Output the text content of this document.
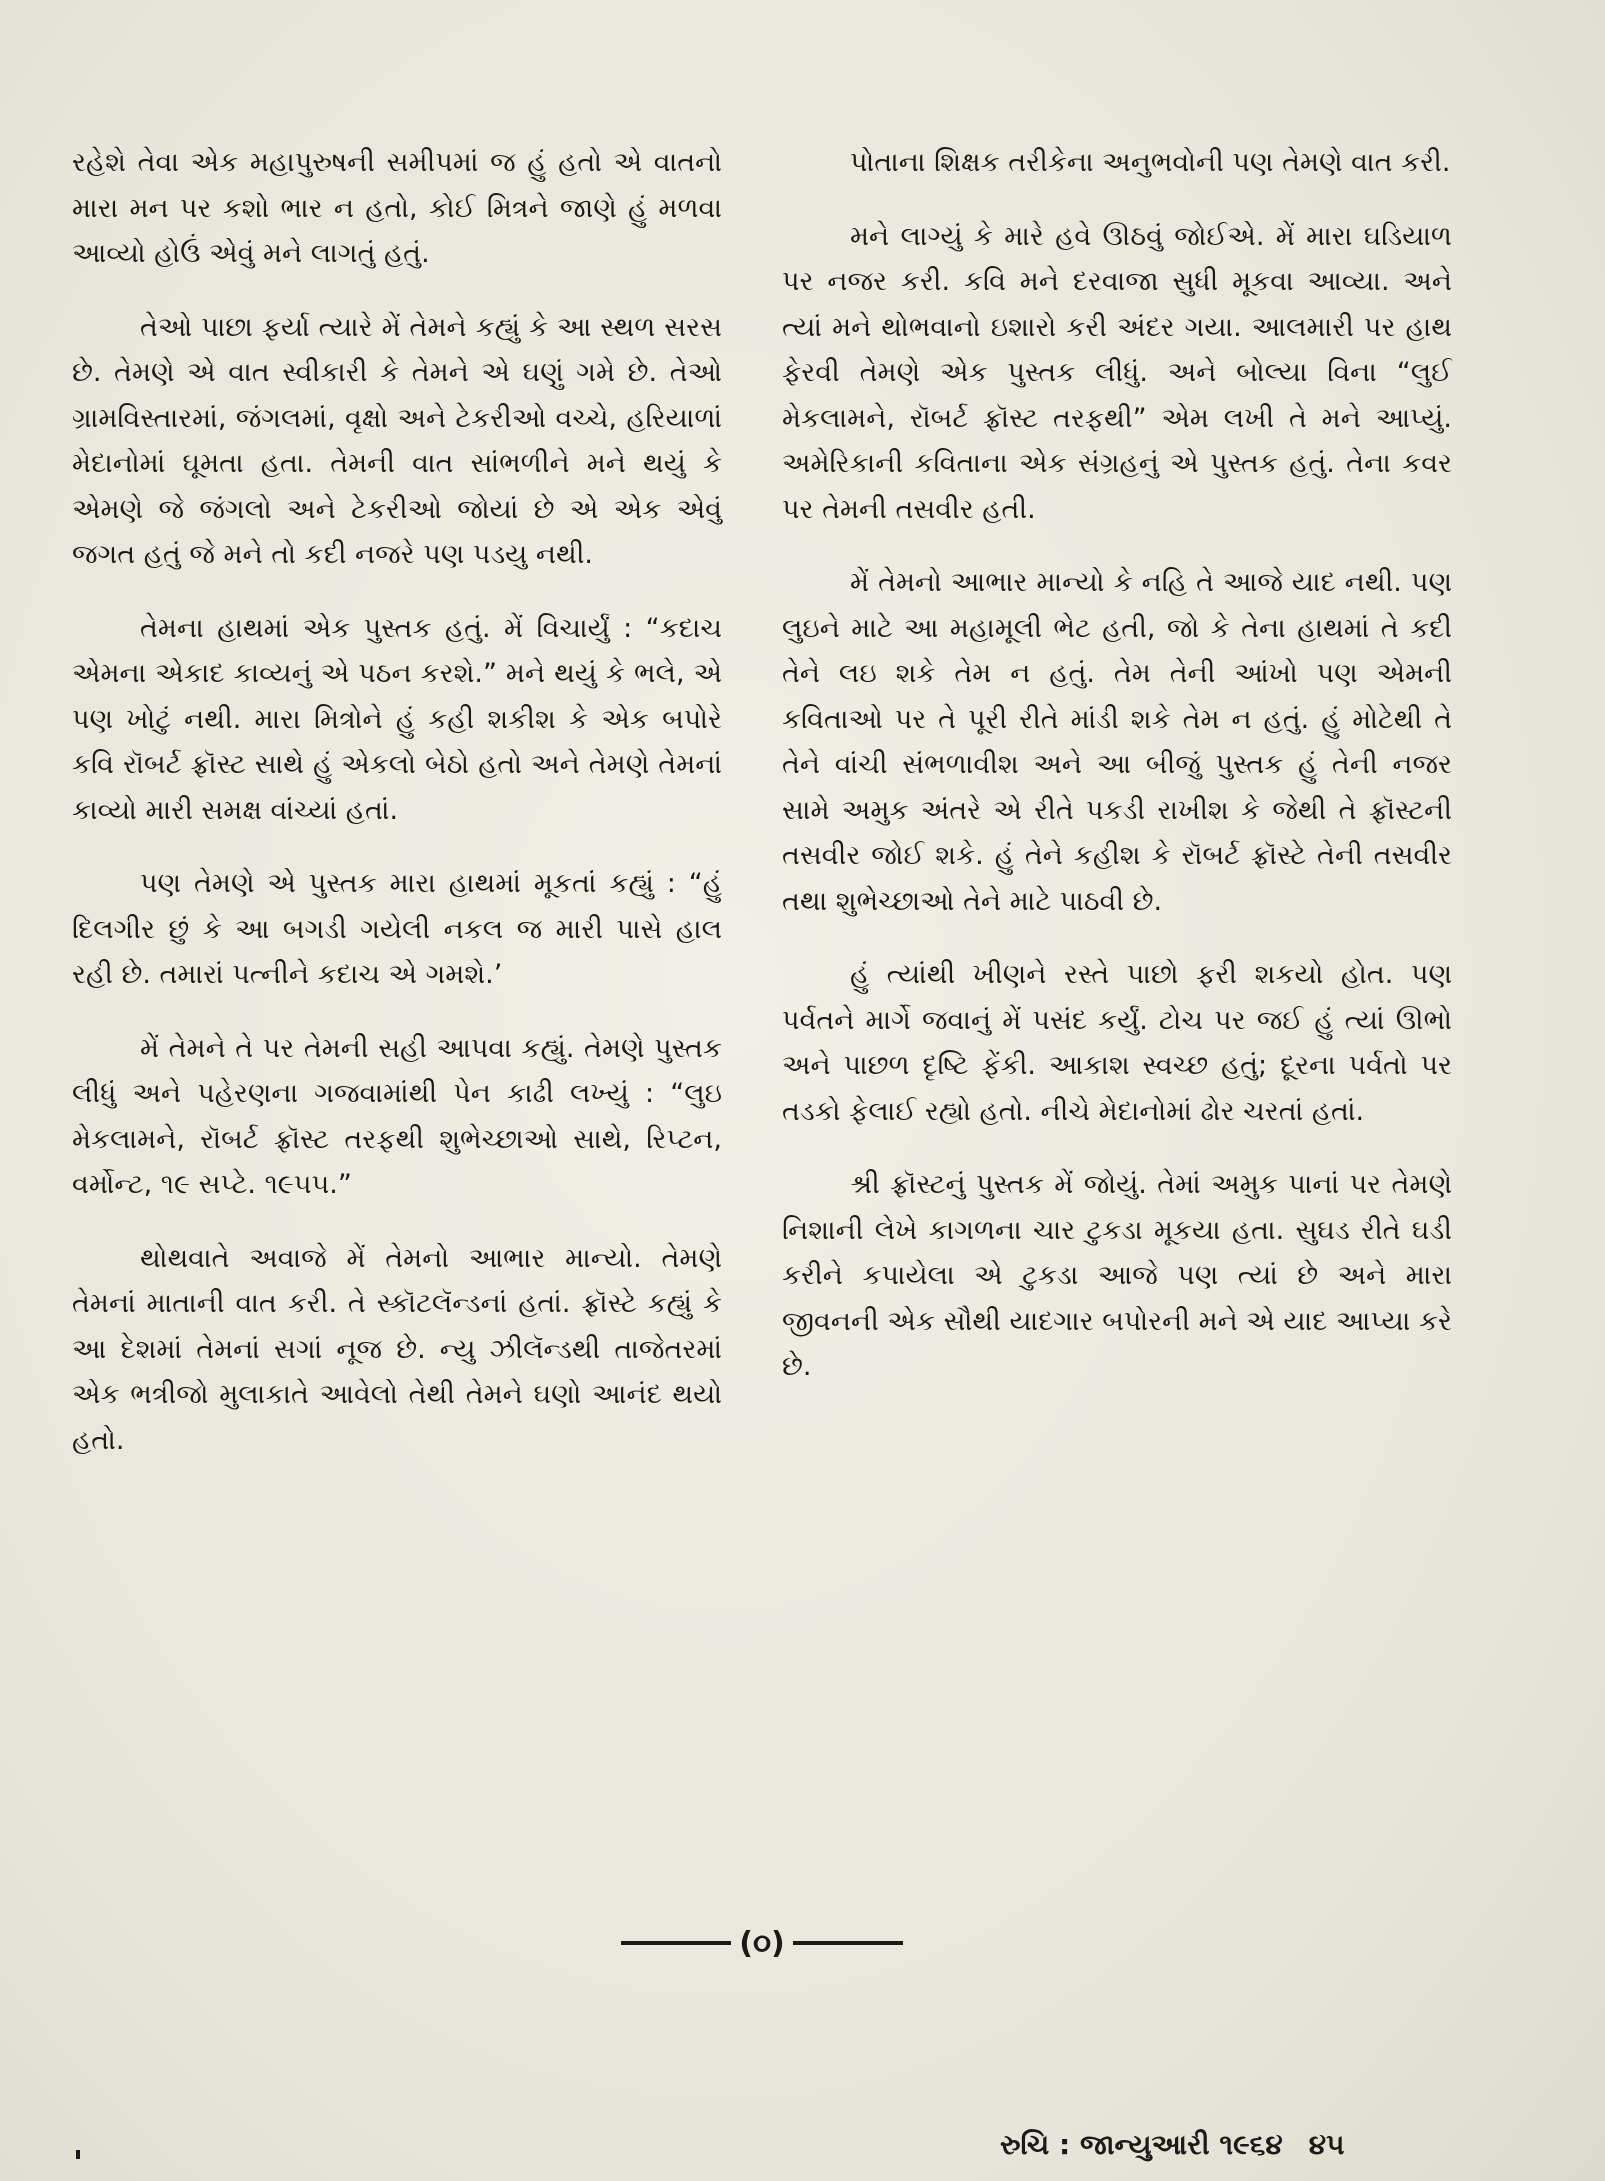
રહેશે તેવા એક મહાપુરુષની સમીપમાં જ હું હતો એ વાતનો મારા મન પર કશો ભાર ન હતો, કોઈ મિત્રને જાણે હું મળવા આવ્યો હોઉં એવું મને લાગતું હતું.

તેઓ પાછા ફર્યા ત્યારે મેં તેમને કહ્યું કે આ સ્થળ સરસ છે. તેમણે એ વાત સ્વીકારી કે તેમને એ ઘણું ગમે છે. તેઓ ગ્રામવિસ્તારમાં, જંગલમાં, વૃક્ષો અને ટેકરીઓ વચ્ચે, હરિયાળાં મેદાનોમાં ઘૂમતા હતા. તેમની વાત સાંભળીને મને થયું કે એમણે જે જંગલો અને ટેકરીઓ જોયાં છે એ એક એવું જગત હતું જે મને તો કદી નજરે પણ પડયુ નથી.

તેમના હાથમાં એક પુસ્તક હતું. મેં વિચાર્યું : “કદાચ એમના એકાદ કાવ્યનું એ પઠન કરશે.” મને થયું કે ભલે, એ પણ ખોટું નથી. મારા મિત્રોને હું કહી શકીશ કે એક બપોરે કવિ રૉબર્ટ ફ્રૉસ્ટ સાથે હું એકલો બેઠો હતો અને તેમણે તેમનાં કાવ્યો મારી સમક્ષ વાંચ્યાં હતાં.

પણ તેમણે એ પુસ્તક મારા હાથમાં મૂકતાં કહ્યું : “હું દિલગીર છું કે આ બગડી ગયેલી નકલ જ મારી પાસે હાલ રહી છે. તમારાં પત્નીને કદાચ એ ગમશે.’

મેં તેમને તે પર તેમની સહી આપવા કહ્યું. તેમણે પુસ્તક લીધું અને પહેરણના ગજવામાંથી પેન કાઢી લખ્યું : “લુઇ મેકલામને, રૉબર્ટ ફ્રૉસ્ટ તરફથી શુભેચ્છાઓ સાથે, રિપ્ટન, વર્મોન્ટ, ૧૯ સપ્ટે. ૧૯૫૫.”

થોથવાતે અવાજે મેં તેમનો આભાર માન્યો. તેમણે તેમનાં માતાની વાત કરી. તે સ્કૉટલૅન્ડનાં હતાં. ફ્રૉસ્ટે કહ્યું કે આ દેશમાં તેમનાં સગાં નૂજ છે. ન્યુ ઝીલૅન્ડથી તાજેતરમાં એક ભત્રીજો મુલાકાતે આવેલો તેથી તેમને ઘણો આનંદ થયો હતો.

પોતાના શિક્ષક તરીકેના અનુભવોની પણ તેમણે વાત કરી.

મને લાગ્યું કે મારે હવે ઊઠવું જોઈએ. મેં મારા ઘડિયાળ પર નજર કરી. કવિ મને દરવાજા સુધી મૂકવા આવ્યા. અને ત્યાં મને થોભવાનો ઇશારો કરી અંદર ગયા. આલમારી પર હાથ ફેરવી તેમણે એક પુસ્તક લીધું. અને બોલ્યા વિના “લુઈ મેકલામને, રૉબર્ટ ફ્રૉસ્ટ તરફથી” એમ લખી તે મને આપ્યું. અમેરિકાની કવિતાના એક સંગ્રહનું એ પુસ્તક હતું. તેના કવર પર તેમની તસવીર હતી.

મેં તેમનો આભાર માન્યો કે નહિ તે આજે યાદ નથી. પણ લુઇને માટે આ મહામૂલી ભેટ હતી, જો કે તેના હાથમાં તે કદી તેને લઇ શકે તેમ ન હતું. તેમ તેની આંખો પણ એમની કવિતાઓ પર તે પૂરી રીતે માંડી શકે તેમ ન હતું. હું મોટેથી તે તેને વાંચી સંભળાવીશ અને આ બીજું પુસ્તક હું તેની નજર સામે અમુક અંતરે એ રીતે પકડી રાખીશ કે જેથી તે ફ્રૉસ્ટની તસવીર જોઈ શકે. હું તેને કહીશ કે રૉબર્ટ ફ્રૉસ્ટે તેની તસવીર તથા શુભેચ્છાઓ તેને માટે પાઠવી છે.

હું ત્યાંથી ખીણને રસ્તે પાછો ફરી શકયો હોત. પણ પર્વતને માર્ગે જવાનું મેં પસંદ કર્યું. ટોચ પર જઈ હું ત્યાં ઊભો અને પાછળ દૃષ્ટિ ફેંકી. આકાશ સ્વચ્છ હતું; દૂરના પર્વતો પર તડકો ફેલાઈ રહ્યો હતો. નીચે મેદાનોમાં ઢોર ચરતાં હતાં.

શ્રી ફ્રૉસ્ટનું પુસ્તક મેં જોયું. તેમાં અમુક પાનાં પર તેમણે નિશાની લેખે કાગળના ચાર ટુકડા મૂકયા હતા. સુઘડ રીતે ઘડી કરીને કપાયેલા એ ટુકડા આજે પણ ત્યાં છે અને મારા જીવનની એક સૌથી યાદગાર બપોરની મને એ યાદ આપ્યા કરે છે.

(૦)
રુચિ : જાન્યુઆરી ૧૯૬૪ ૪૫
